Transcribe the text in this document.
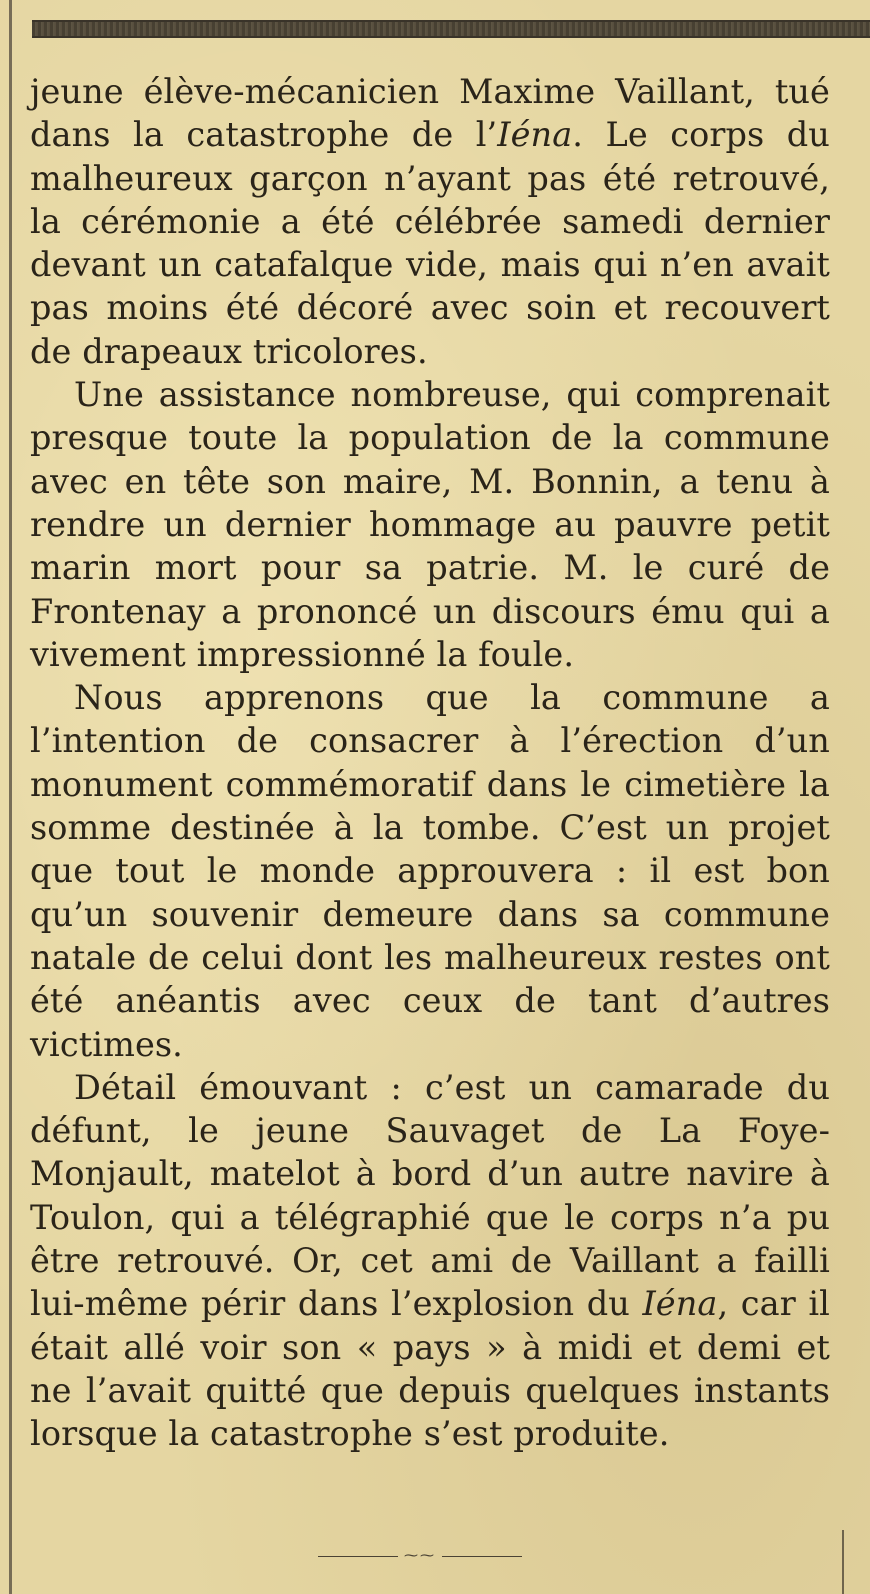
jeune élève-mécanicien Maxime Vaillant, tué dans la catastrophe de l’Iéna. Le corps du malheureux garçon n’ayant pas été retrouvé, la cérémonie a été célébrée samedi dernier devant un catafalque vide, mais qui n’en avait pas moins été décoré avec soin et recouvert de drapeaux tricolores.

Une assistance nombreuse, qui comprenait presque toute la population de la commune avec en tête son maire, M. Bonnin, a tenu à rendre un dernier hommage au pauvre petit marin mort pour sa patrie. M. le curé de Frontenay a prononcé un discours ému qui a vivement impressionné la foule.

Nous apprenons que la commune a l’intention de consacrer à l’érection d’un monument commémoratif dans le cimetière la somme destinée à la tombe. C’est un projet que tout le monde approuvera : il est bon qu’un souvenir demeure dans sa commune natale de celui dont les malheureux restes ont été anéantis avec ceux de tant d’autres victimes.

Détail émouvant : c’est un camarade du défunt, le jeune Sauvaget de La Foye-Monjault, matelot à bord d’un autre navire à Toulon, qui a télégraphié que le corps n’a pu être retrouvé. Or, cet ami de Vaillant a failli lui-même périr dans l’explosion du Iéna, car il était allé voir son « pays » à midi et demi et ne l’avait quitté que depuis quelques instants lorsque la catastrophe s’est produite.

⁓⁓
